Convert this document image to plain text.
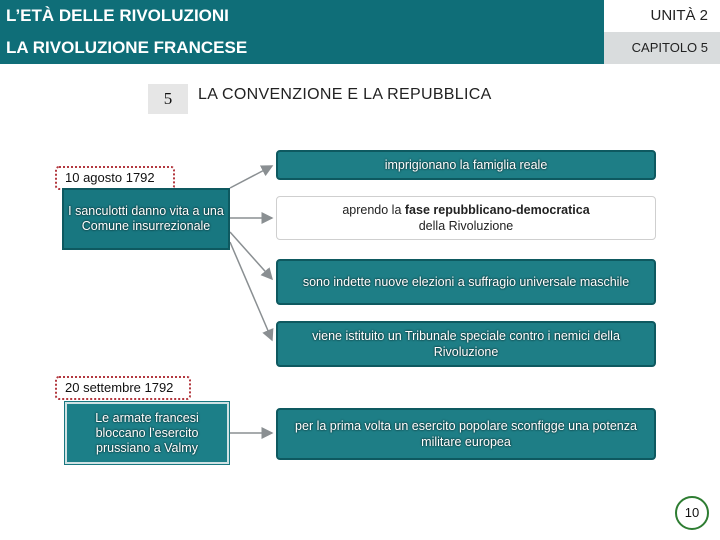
L’ETÀ DELLE RIVOLUZIONI	UNITÀ 2
LA RIVOLUZIONE FRANCESE	CAPITOLO 5
5	LA CONVENZIONE E LA REPUBBLICA
10 agosto 1792
I sanculotti danno vita a una Comune insurrezionale
imprigionano la famiglia reale
aprendo la fase repubblicano-democratica
della Rivoluzione
sono indette nuove elezioni a suffragio universale maschile
viene istituito un Tribunale speciale contro i nemici della Rivoluzione
20 settembre 1792
Le armate francesi bloccano l’esercito prussiano a Valmy
per la prima volta un esercito popolare sconfigge una potenza militare europea
10
